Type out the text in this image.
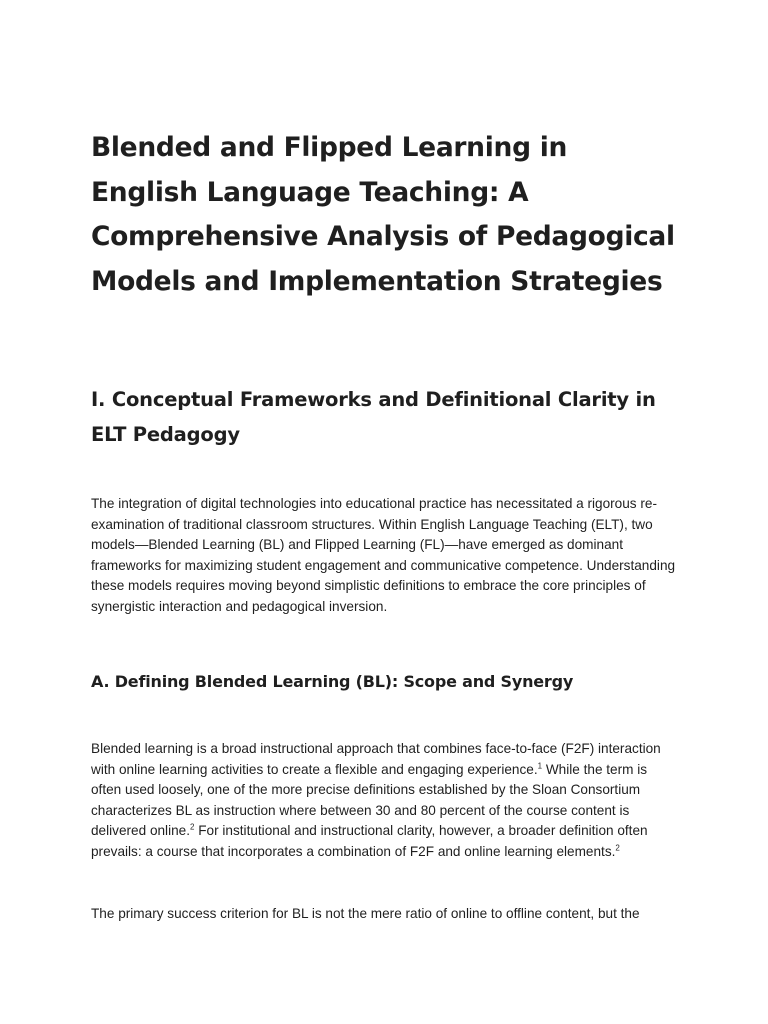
Blended and Flipped Learning in English Language Teaching: A Comprehensive Analysis of Pedagogical Models and Implementation Strategies
I. Conceptual Frameworks and Definitional Clarity in ELT Pedagogy

The integration of digital technologies into educational practice has necessitated a rigorous re-examination of traditional classroom structures. Within English Language Teaching (ELT), two models—Blended Learning (BL) and Flipped Learning (FL)—have emerged as dominant frameworks for maximizing student engagement and communicative competence. Understanding these models requires moving beyond simplistic definitions to embrace the core principles of synergistic interaction and pedagogical inversion.

A. Defining Blended Learning (BL): Scope and Synergy

Blended learning is a broad instructional approach that combines face-to-face (F2F) interaction with online learning activities to create a flexible and engaging experience.$^1$ While the term is often used loosely, one of the more precise definitions established by the Sloan Consortium characterizes BL as instruction where between 30 and 80 percent of the course content is delivered online.$^2$ For institutional and instructional clarity, however, a broader definition often prevails: a course that incorporates a combination of F2F and online learning elements.$^2$

The primary success criterion for BL is not the mere ratio of online to offline content, but the
